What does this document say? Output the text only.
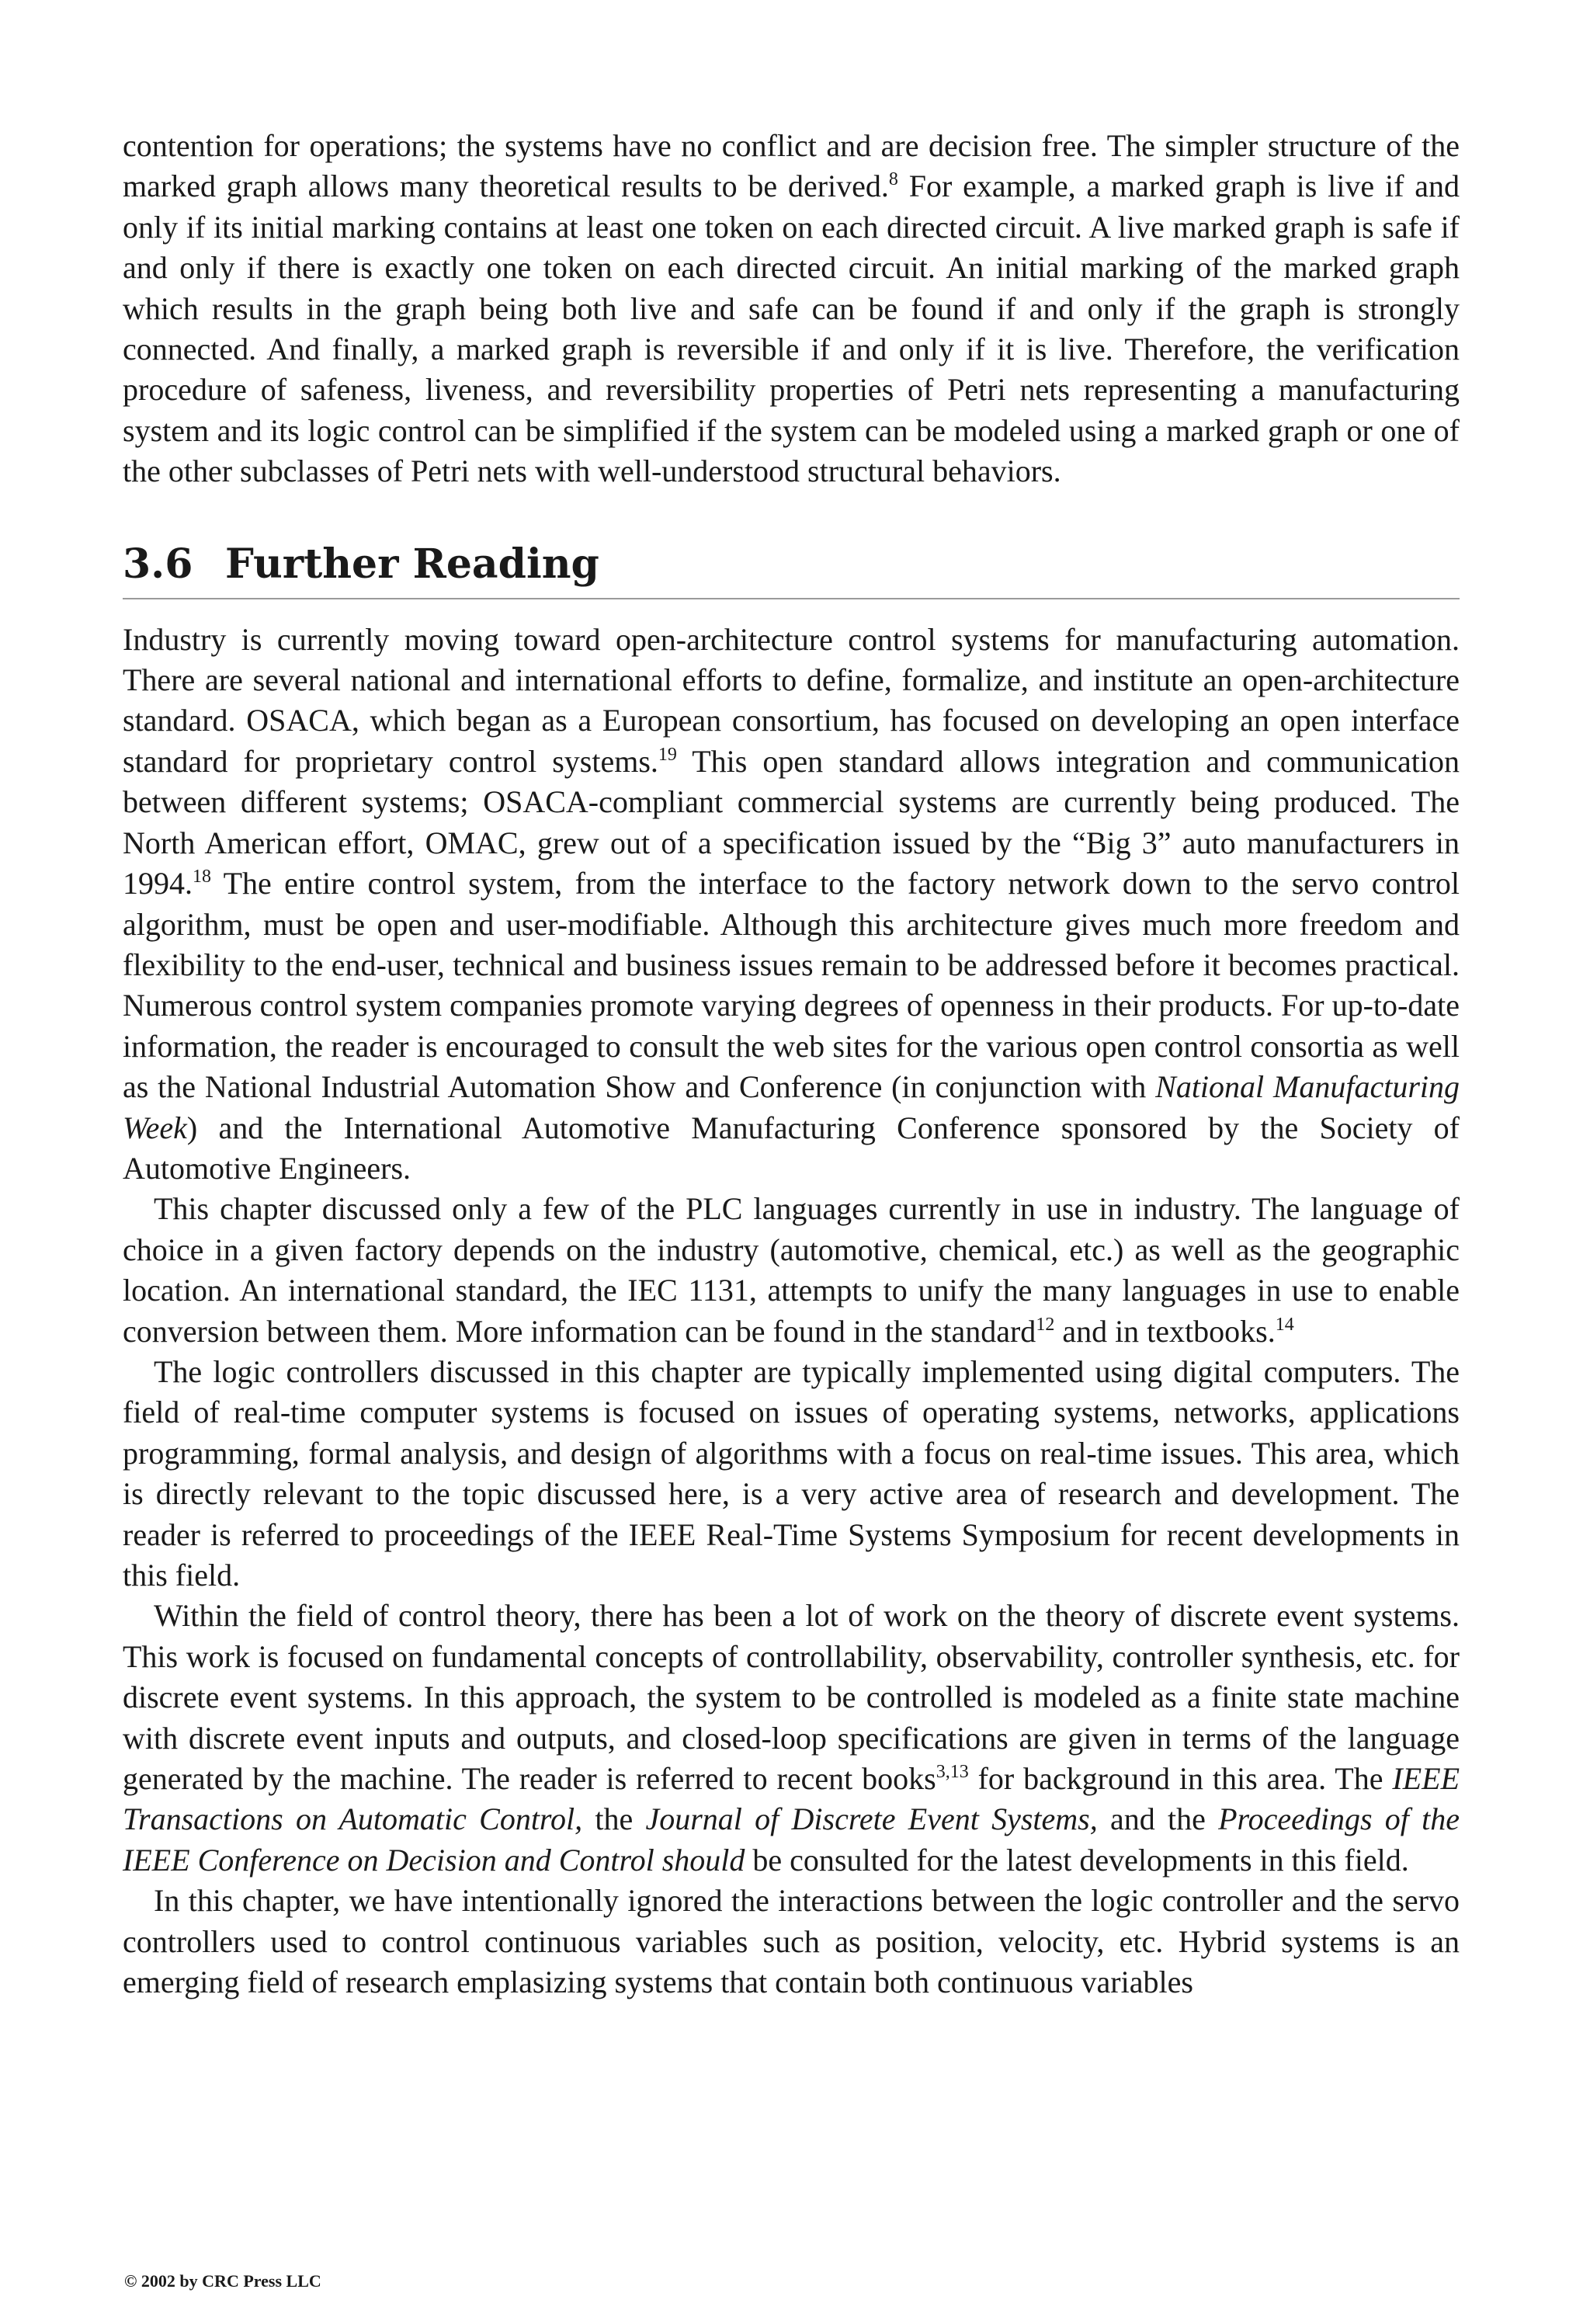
contention for operations; the systems have no conflict and are decision free. The simpler structure of the marked graph allows many theoretical results to be derived.$^8$ For example, a marked graph is live if and only if its initial marking contains at least one token on each directed circuit. A live marked graph is safe if and only if there is exactly one token on each directed circuit. An initial marking of the marked graph which results in the graph being both live and safe can be found if and only if the graph is strongly connected. And finally, a marked graph is reversible if and only if it is live. Therefore, the verification procedure of safeness, liveness, and reversibility properties of Petri nets representing a manufacturing system and its logic control can be simplified if the system can be modeled using a marked graph or one of the other subclasses of Petri nets with well-understood structural behaviors.

3.6 Further Reading

Industry is currently moving toward open-architecture control systems for manufacturing automation. There are several national and international efforts to define, formalize, and institute an open-architecture standard. OSACA, which began as a European consortium, has focused on developing an open interface standard for proprietary control systems.$^{19}$ This open standard allows integration and communication between different systems; OSACA-compliant commercial systems are currently being produced. The North American effort, OMAC, grew out of a specification issued by the “Big 3” auto manufacturers in 1994.18 The entire control system, from the interface to the factory network down to the servo control algorithm, must be open and user-modifiable. Although this architecture gives much more freedom and flexibility to the end-user, technical and business issues remain to be addressed before it becomes practical. Numerous control system companies promote varying degrees of openness in their products. For up-to-date information, the reader is encouraged to consult the web sites for the various open control consortia as well as the National Industrial Automation Show and Conference (in conjunction with National Manufacturing Week) and the International Automotive Manufacturing Conference sponsored by the Society of Automotive Engineers.

This chapter discussed only a few of the PLC languages currently in use in industry. The language of choice in a given factory depends on the industry (automotive, chemical, etc.) as well as the geographic location. An international standard, the IEC 1131, attempts to unify the many languages in use to enable conversion between them. More information can be found in the standard$^{12}$ and in textbooks.$^{14}$

The logic controllers discussed in this chapter are typically implemented using digital computers. The field of real-time computer systems is focused on issues of operating systems, networks, applications programming, formal analysis, and design of algorithms with a focus on real-time issues. This area, which is directly relevant to the topic discussed here, is a very active area of research and development. The reader is referred to proceedings of the IEEE Real-Time Systems Symposium for recent developments in this field.

Within the field of control theory, there has been a lot of work on the theory of discrete event systems. This work is focused on fundamental concepts of controllability, observability, controller synthesis, etc. for discrete event systems. In this approach, the system to be controlled is modeled as a finite state machine with discrete event inputs and outputs, and closed-loop specifications are given in terms of the language generated by the machine. The reader is referred to recent books$^{3,13}$ for background in this area. The IEEE Transactions on Automatic Control, the Journal of Discrete Event Systems, and the Proceedings of the IEEE Conference on Decision and Control should be consulted for the latest developments in this field.

In this chapter, we have intentionally ignored the interactions between the logic controller and the servo controllers used to control continuous variables such as position, velocity, etc. Hybrid systems is an emerging field of research emplasizing systems that contain both continuous variables

© 2002 by CRC Press LLC
